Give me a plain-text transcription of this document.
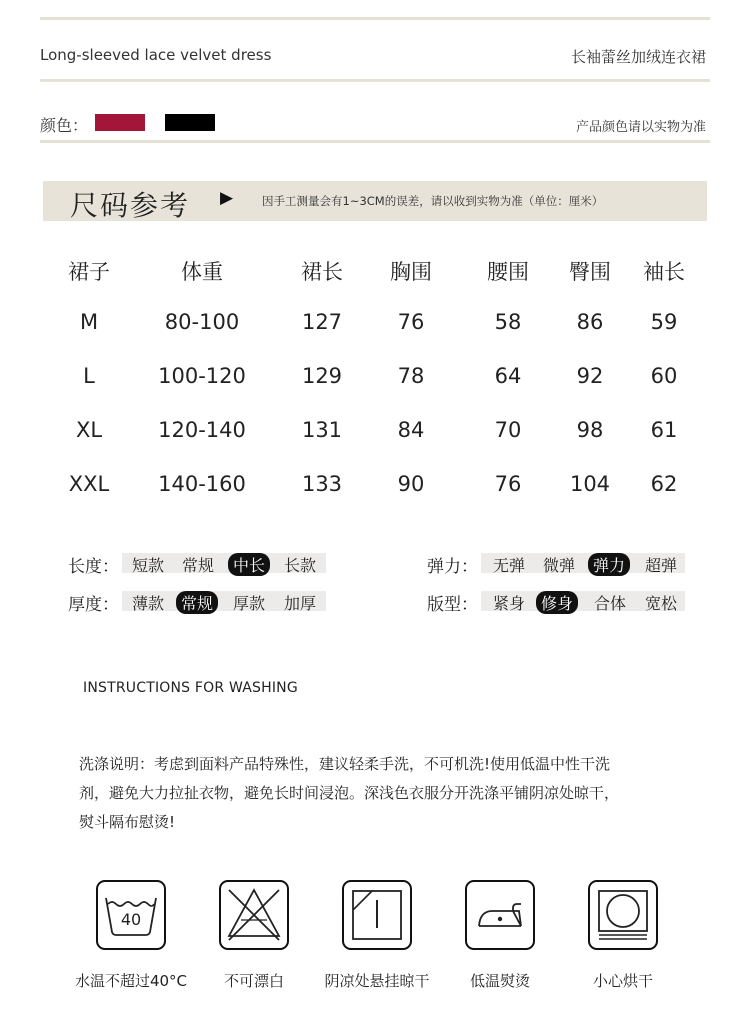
Long-sleeved lace velvet dress	长袖蕾丝加绒连衣裙
颜色：	产品颜色请以实物为准
尺码参考 ▶	因手工测量会有1~3CM的误差，请以收到实物为准（单位：厘米）
裙子	体重	裙长 胸围	腰围 臀围 袖长
M	80-100	127	76	58	86 59
L	100-120	129	78	64	92 60
XL	120-140	131	84	70	98 61
XXL 140-160	133	90	76 104 62
长度： 短款 常规	中长	长款	弹力： 无弹 微弹	弹力	超弹
厚度： 薄款	常规	厚款 加厚	版型： 紧身 修身	合体 宽松
INSTRUCTIONS FOR WASHING
洗涤说明：考虑到面料产品特殊性，建议轻柔手洗，不可机洗!使用低温中性干洗
剂，避免大力拉扯衣物，避免长时间浸泡。深浅色衣服分开洗涤平铺阴凉处晾干，
熨斗隔布慰烫!
40
水温不超过40°C 不可漂白	阴凉处悬挂晾干	低温熨烫	小心烘干
